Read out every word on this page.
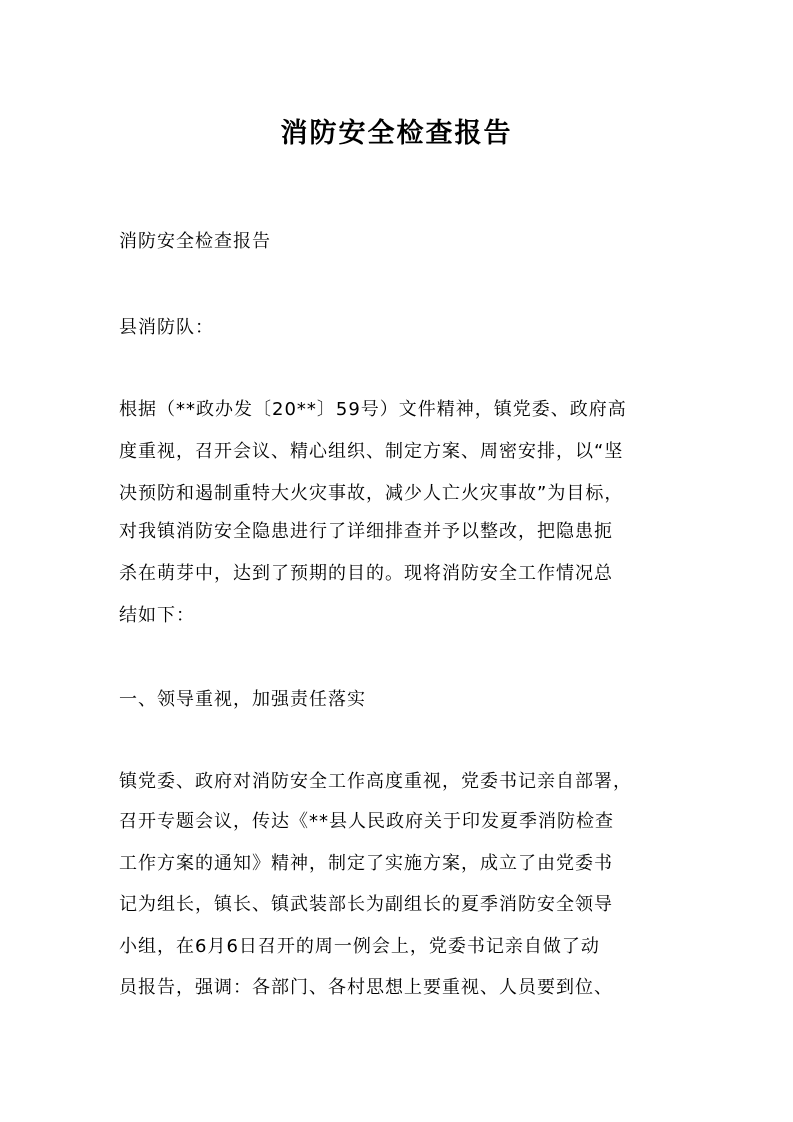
消防安全检查报告

消防安全检查报告

县消防队：

根据（**政办发〔20**〕59号）文件精神，镇党委、政府高

度重视，召开会议、精心组织、制定方案、周密安排，以“坚

决预防和遏制重特大火灾事故，减少人亡火灾事故”为目标，

对我镇消防安全隐患进行了详细排查并予以整改，把隐患扼

杀在萌芽中，达到了预期的目的。现将消防安全工作情况总

结如下：

一、领导重视，加强责任落实

镇党委、政府对消防安全工作高度重视，党委书记亲自部署，

召开专题会议，传达《**县人民政府关于印发夏季消防检查

工作方案的通知》精神，制定了实施方案，成立了由党委书

记为组长，镇长、镇武装部长为副组长的夏季消防安全领导

小组，在6月6日召开的周一例会上，党委书记亲自做了动

员报告，强调：各部门、各村思想上要重视、人员要到位、
